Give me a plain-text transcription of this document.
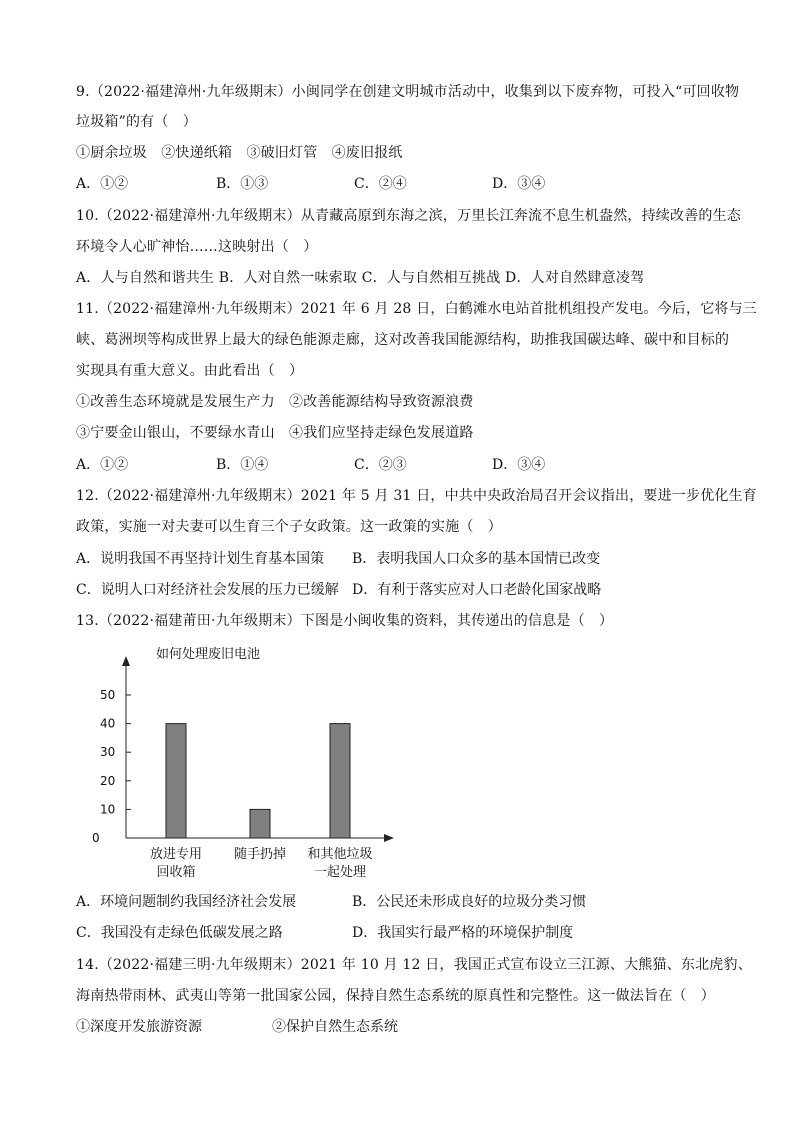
9.（2022·福建漳州·九年级期末）小闽同学在创建文明城市活动中，收集到以下废弃物，可投入“可回收物
垃圾箱”的有（　）
①厨余垃圾　②快递纸箱　③破旧灯管　④废旧报纸
A．①②	B．①③	C．②④	D．③④
10.（2022·福建漳州·九年级期末）从青藏高原到东海之滨，万里长江奔流不息生机盎然，持续改善的生态
环境令人心旷神怡……这映射出（　）
A．人与自然和谐共生 B．人对自然一味索取 C．人与自然相互挑战 D．人对自然肆意凌驾
11.（2022·福建漳州·九年级期末）2021 年 6 月 28 日，白鹤滩水电站首批机组投产发电。今后，它将与三
峡、葛洲坝等构成世界上最大的绿色能源走廊，这对改善我国能源结构，助推我国碳达峰、碳中和目标的
实现具有重大意义。由此看出（　）
①改善生态环境就是发展生产力　②改善能源结构导致资源浪费
③宁要金山银山，不要绿水青山　④我们应坚持走绿色发展道路
A．①②	B．①④	C．②③	D．③④
12.（2022·福建漳州·九年级期末）2021 年 5 月 31 日，中共中央政治局召开会议指出，要进一步优化生育
政策，实施一对夫妻可以生育三个子女政策。这一政策的实施（　）
A．说明我国不再坚持计划生育基本国策 B．表明我国人口众多的基本国情已改变
C．说明人口对经济社会发展的压力已缓解 D．有利于落实应对人口老龄化国家战略
13.（2022·福建莆田·九年级期末）下图是小闽收集的资料，其传递出的信息是（　）
如何处理废旧电池
0
10
20
30
40
50
放进专用
回收箱
随手扔掉 和其他垃圾
一起处理
A．环境问题制约我国经济社会发展	B．公民还未形成良好的垃圾分类习惯
C．我国没有走绿色低碳发展之路	D．我国实行最严格的环境保护制度
14.（2022·福建三明·九年级期末）2021 年 10 月 12 日，我国正式宣布设立三江源、大熊猫、东北虎豹、
海南热带雨林、武夷山等第一批国家公园，保持自然生态系统的原真性和完整性。这一做法旨在（　）
①深度开发旅游资源	②保护自然生态系统
